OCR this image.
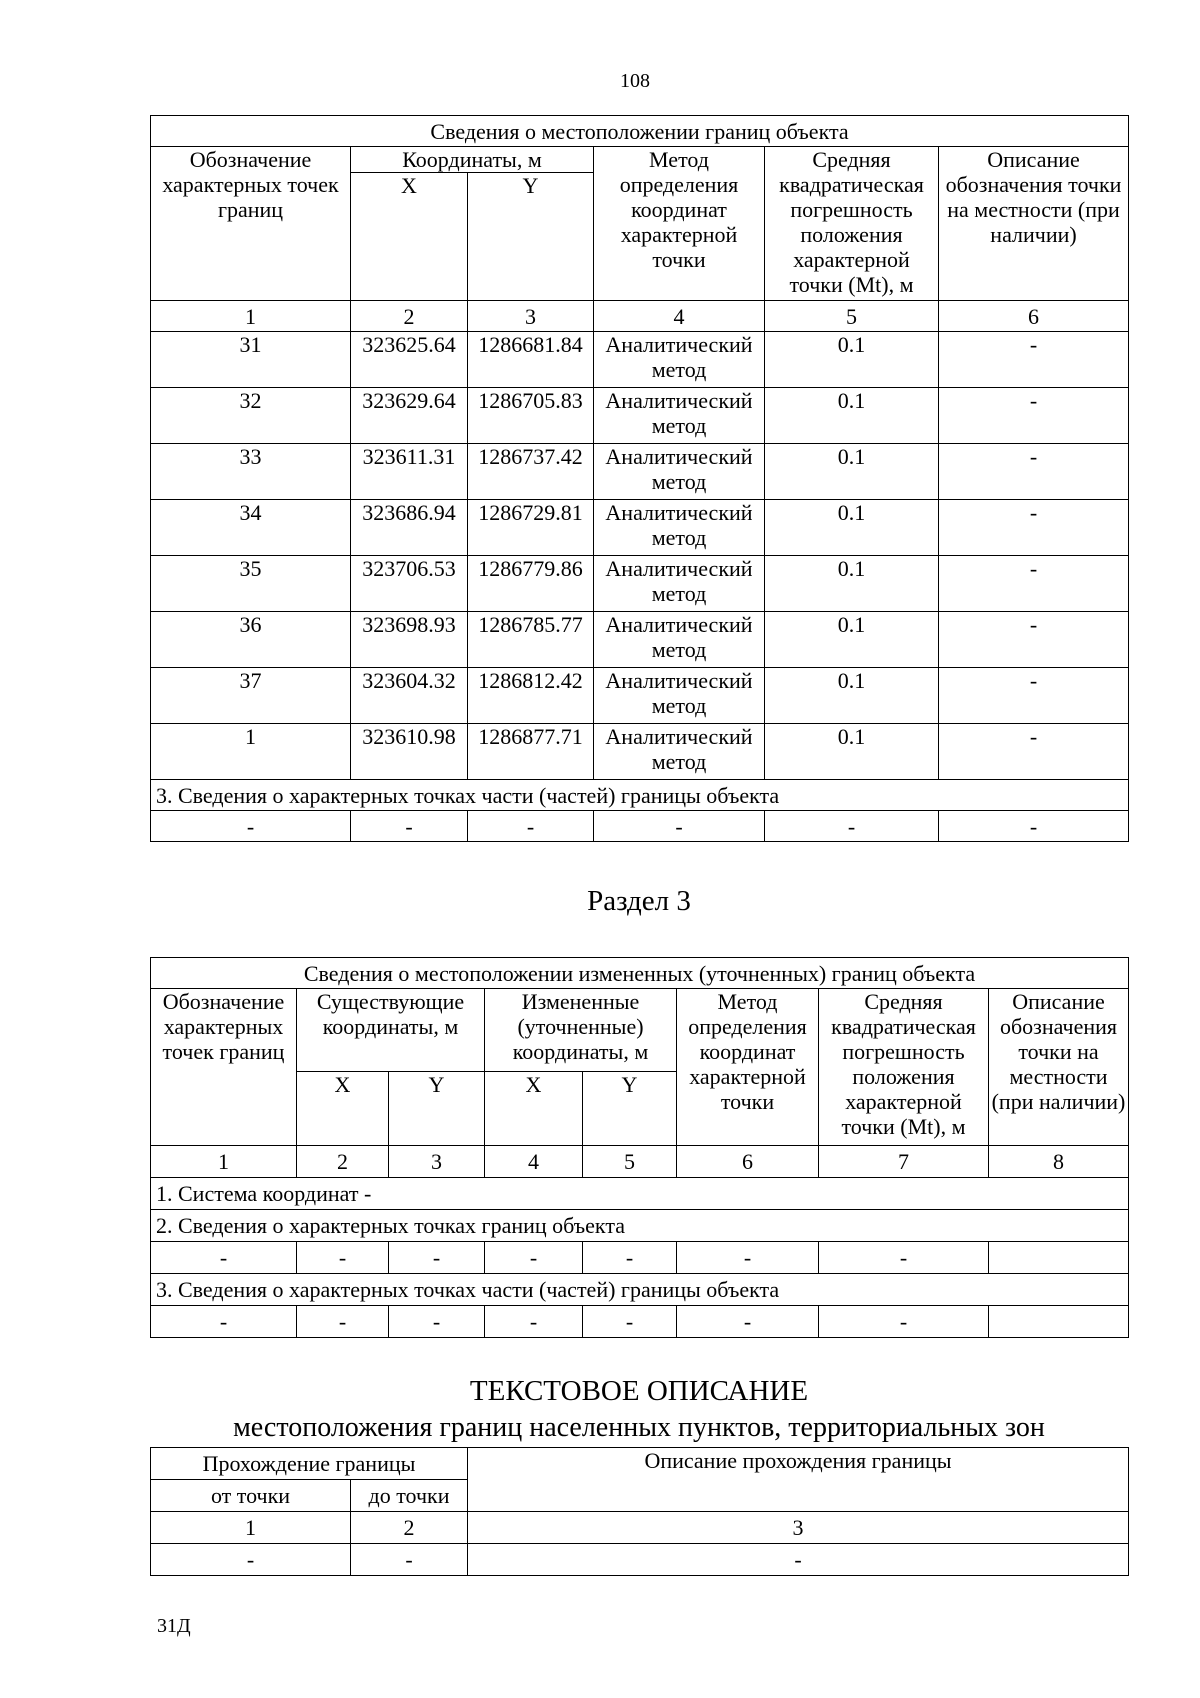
108
Сведения о местоположении границ объекта					
Обозначение характерных точек границ	Координаты, м		Метод определения координат характерной точки	Средняя квадратическая погрешность положения характерной точки (Mt), м	Описание обозначения точки на местности (при наличии)
	X	Y			
1	2	3	4	5	6
31	323625.64	1286681.84	Аналитический метод	0.1	-
32	323629.64	1286705.83	Аналитический метод	0.1	-
33	323611.31	1286737.42	Аналитический метод	0.1	-
34	323686.94	1286729.81	Аналитический метод	0.1	-
35	323706.53	1286779.86	Аналитический метод	0.1	-
36	323698.93	1286785.77	Аналитический метод	0.1	-
37	323604.32	1286812.42	Аналитический метод	0.1	-
1	323610.98	1286877.71	Аналитический метод	0.1	-
3. Сведения о характерных точках части (частей) границы объекта					
-	-	-	-	-	-
Раздел 3
Сведения о местоположении измененных (уточненных) границ объекта							
Обозначение характерных точек границ	Существующие координаты, м		Измененные (уточненные) координаты, м		Метод определения координат характерной точки	Средняя квадратическая погрешность положения характерной точки (Mt), м	Описание обозначения точки на местности (при наличии)
	X	Y	X	Y			
1	2	3	4	5	6	7	8
1. Система координат -							
2. Сведения о характерных точках границ объекта							
-	-	-	-	-	-	-	
3. Сведения о характерных точках части (частей) границы объекта							
-	-	-	-	-	-	-	
ТЕКСТОВОЕ ОПИСАНИЕ
местоположения границ населенных пунктов, территориальных зон
Прохождение границы		Описание прохождения границы
от точки	до точки	
1	2	3
-	-	-
31Д
